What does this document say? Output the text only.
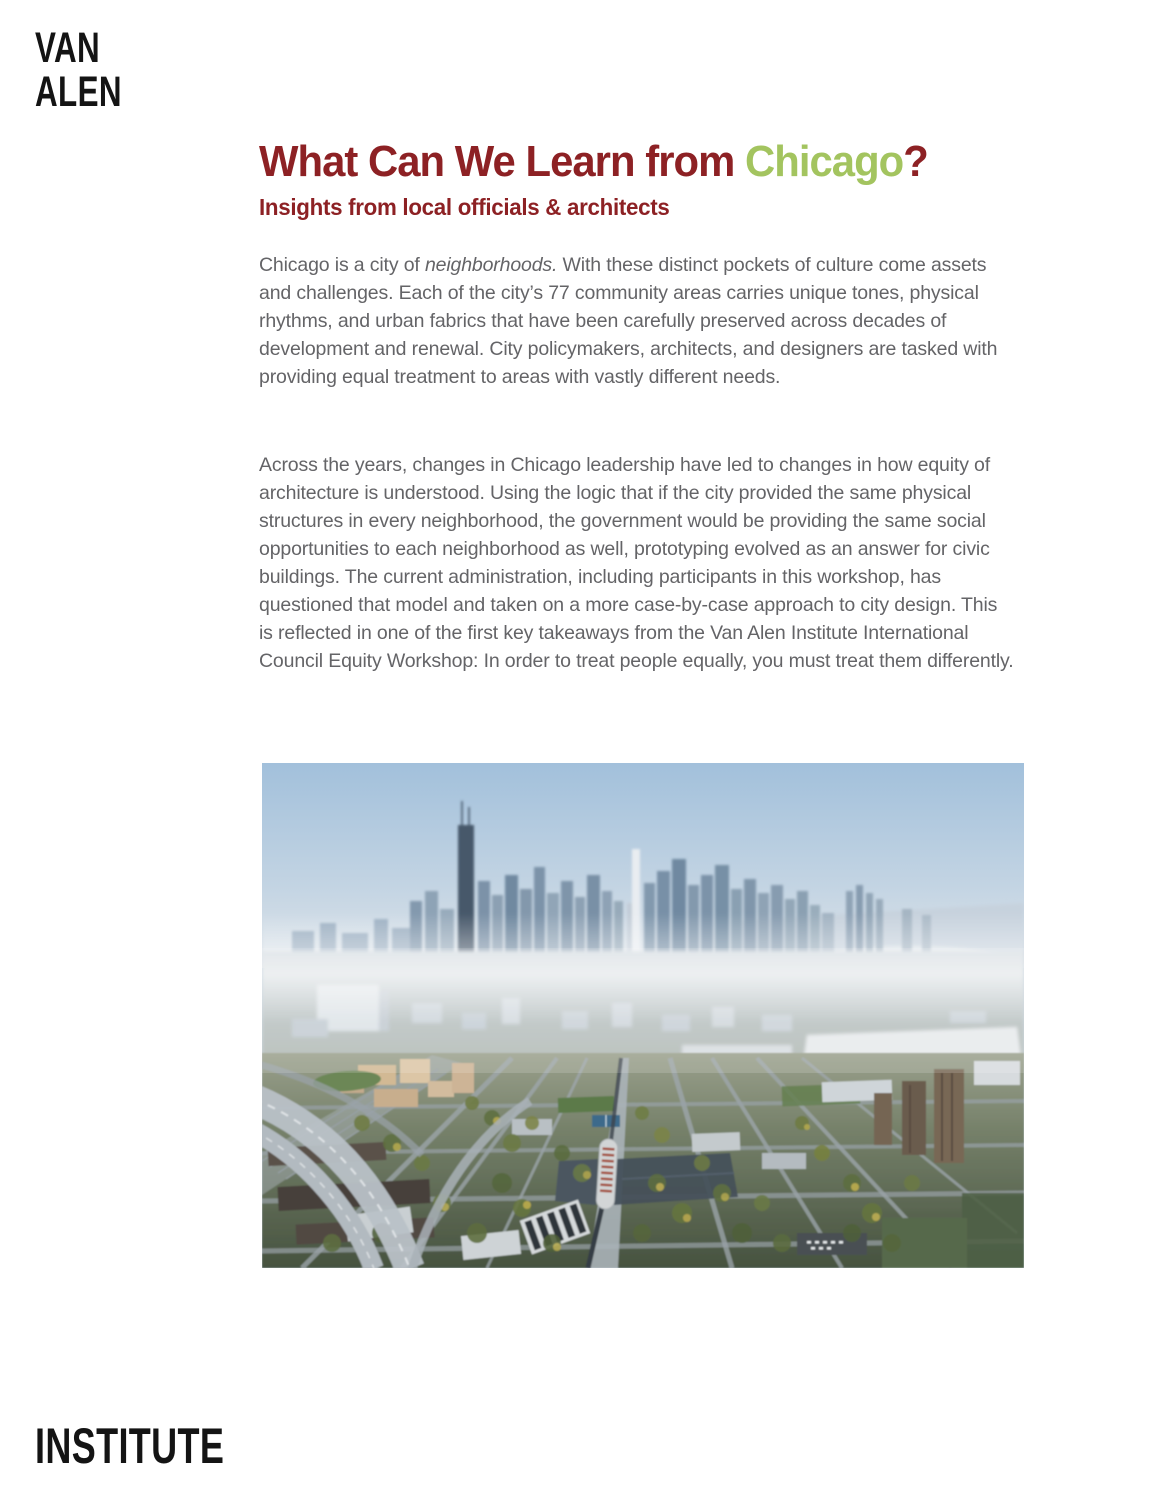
VAN
ALEN
What Can We Learn from Chicago?
Insights from local officials & architects

Chicago is a city of neighborhoods. With these distinct pockets of culture come assets and challenges. Each of the city’s 77 community areas carries unique tones, physical rhythms, and urban fabrics that have been carefully preserved across decades of development and renewal. City policymakers, architects, and designers are tasked with providing equal treatment to areas with vastly different needs.

Across the years, changes in Chicago leadership have led to changes in how equity of architecture is understood. Using the logic that if the city provided the same physical structures in every neighborhood, the government would be providing the same social opportunities to each neighborhood as well, prototyping evolved as an answer for civic buildings. The current administration, including participants in this workshop, has questioned that model and taken on a more case-by-case approach to city design. This is reflected in one of the first key takeaways from the Van Alen Institute International Council Equity Workshop: In order to treat people equally, you must treat them differently.

INSTITUTE
